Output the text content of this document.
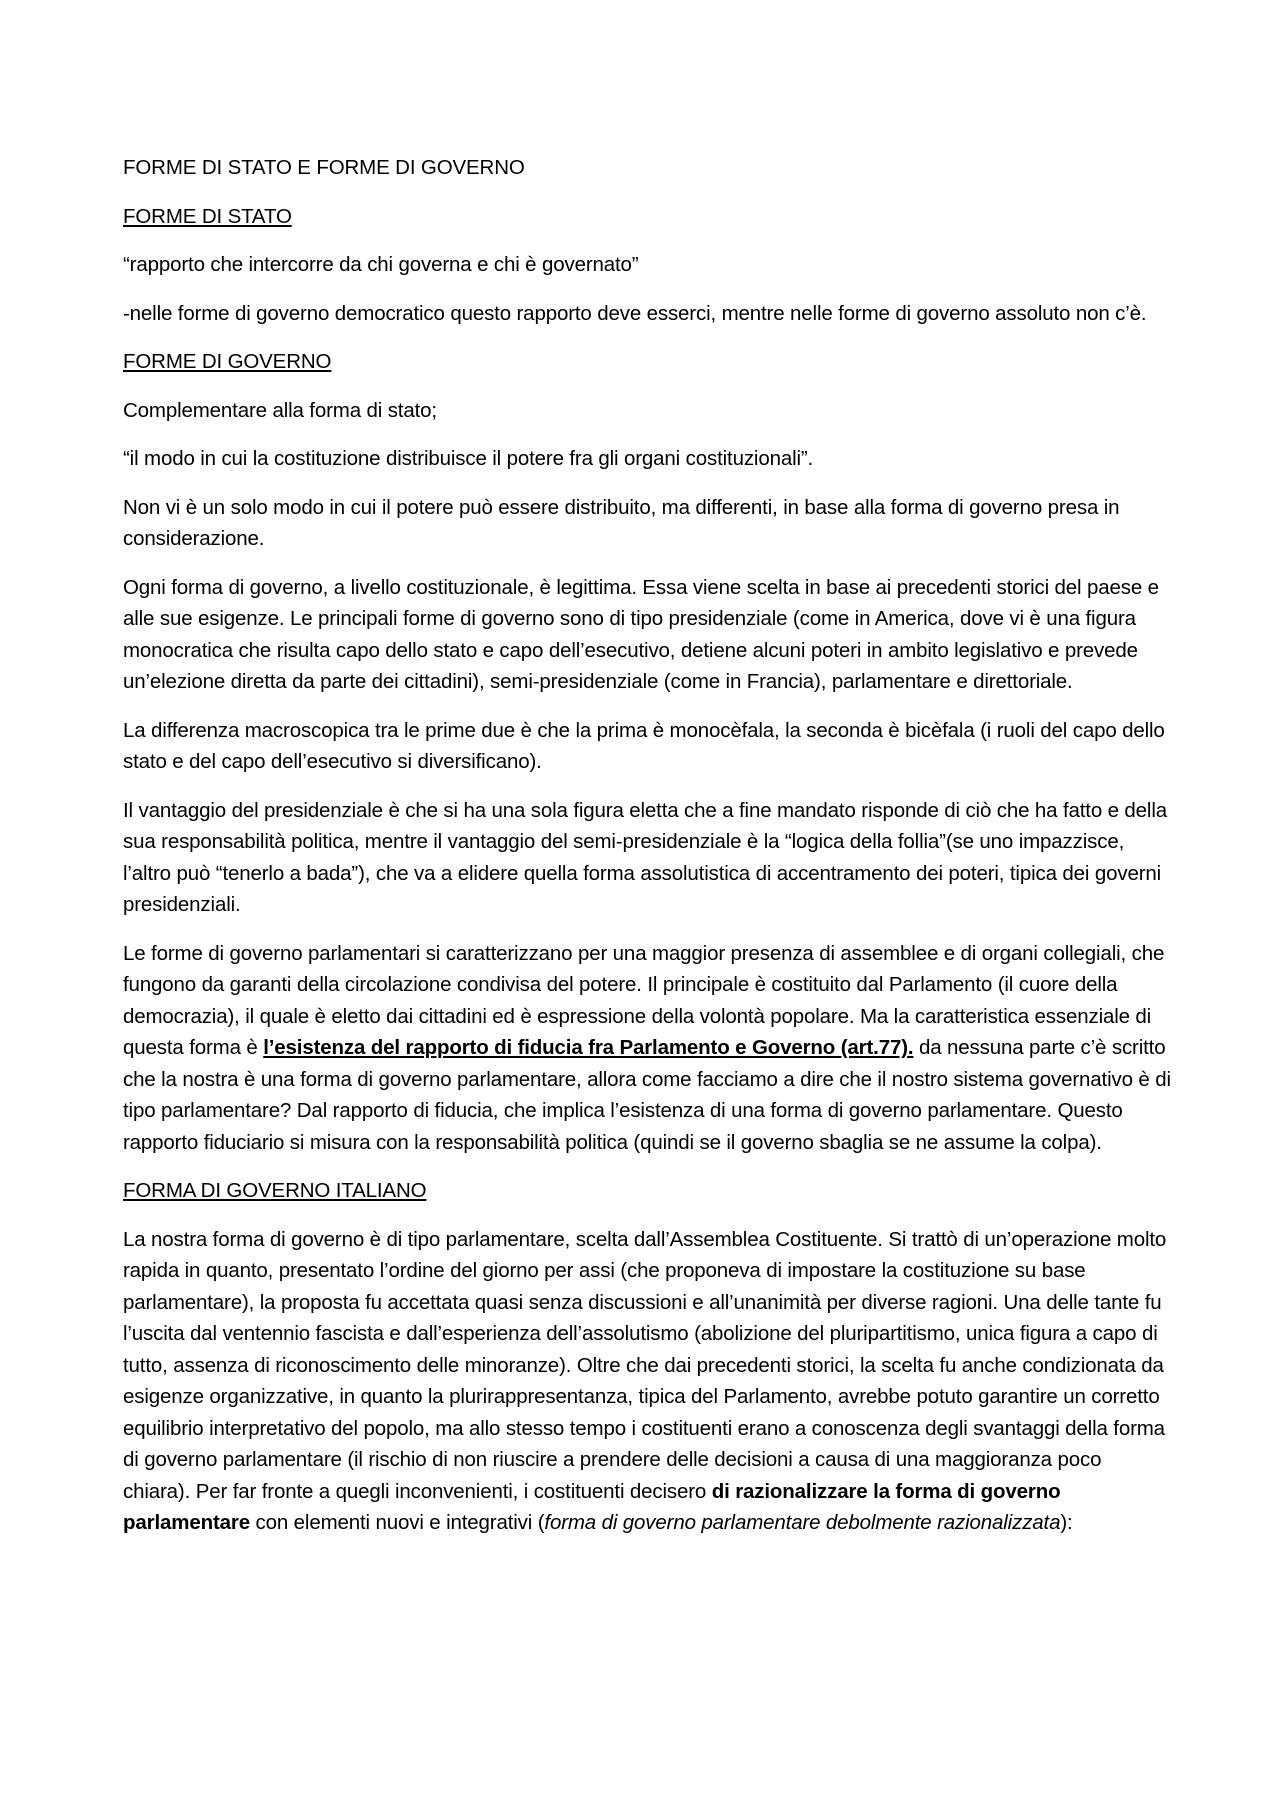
FORME DI STATO E FORME DI GOVERNO

FORME DI STATO

“rapporto che intercorre da chi governa e chi è governato”

-nelle forme di governo democratico questo rapporto deve esserci, mentre nelle forme di governo assoluto non c’è.

FORME DI GOVERNO

Complementare alla forma di stato;

“il modo in cui la costituzione distribuisce il potere fra gli organi costituzionali”.

Non vi è un solo modo in cui il potere può essere distribuito, ma differenti, in base alla forma di governo presa in considerazione.

Ogni forma di governo, a livello costituzionale, è legittima. Essa viene scelta in base ai precedenti storici del paese e alle sue esigenze. Le principali forme di governo sono di tipo presidenziale (come in America, dove vi è una figura monocratica che risulta capo dello stato e capo dell’esecutivo, detiene alcuni poteri in ambito legislativo e prevede un’elezione diretta da parte dei cittadini), semi-presidenziale (come in Francia), parlamentare e direttoriale.

La differenza macroscopica tra le prime due è che la prima è monocèfala, la seconda è bicèfala (i ruoli del capo dello stato e del capo dell’esecutivo si diversificano).

Il vantaggio del presidenziale è che si ha una sola figura eletta che a fine mandato risponde di ciò che ha fatto e della sua responsabilità politica, mentre il vantaggio del semi-presidenziale è la “logica della follia”(se uno impazzisce, l’altro può “tenerlo a bada”), che va a elidere quella forma assolutistica di accentramento dei poteri, tipica dei governi presidenziali.

Le forme di governo parlamentari si caratterizzano per una maggior presenza di assemblee e di organi collegiali, che fungono da garanti della circolazione condivisa del potere. Il principale è costituito dal Parlamento (il cuore della democrazia), il quale è eletto dai cittadini ed è espressione della volontà popolare. Ma la caratteristica essenziale di questa forma è l’esistenza del rapporto di fiducia fra Parlamento e Governo (art.77). da nessuna parte c’è scritto che la nostra è una forma di governo parlamentare, allora come facciamo a dire che il nostro sistema governativo è di tipo parlamentare? Dal rapporto di fiducia, che implica l’esistenza di una forma di governo parlamentare. Questo rapporto fiduciario si misura con la responsabilità politica (quindi se il governo sbaglia se ne assume la colpa).

FORMA DI GOVERNO ITALIANO

La nostra forma di governo è di tipo parlamentare, scelta dall’Assemblea Costituente. Si trattò di un’operazione molto rapida in quanto, presentato l’ordine del giorno per assi (che proponeva di impostare la costituzione su base parlamentare), la proposta fu accettata quasi senza discussioni e all’unanimità per diverse ragioni. Una delle tante fu l’uscita dal ventennio fascista e dall’esperienza dell’assolutismo (abolizione del pluripartitismo, unica figura a capo di tutto, assenza di riconoscimento delle minoranze). Oltre che dai precedenti storici, la scelta fu anche condizionata da esigenze organizzative, in quanto la plurirappresentanza, tipica del Parlamento, avrebbe potuto garantire un corretto equilibrio interpretativo del popolo, ma allo stesso tempo i costituenti erano a conoscenza degli svantaggi della forma di governo parlamentare (il rischio di non riuscire a prendere delle decisioni a causa di una maggioranza poco chiara). Per far fronte a quegli inconvenienti, i costituenti decisero di razionalizzare la forma di governo parlamentare con elementi nuovi e integrativi (forma di governo parlamentare debolmente razionalizzata):
